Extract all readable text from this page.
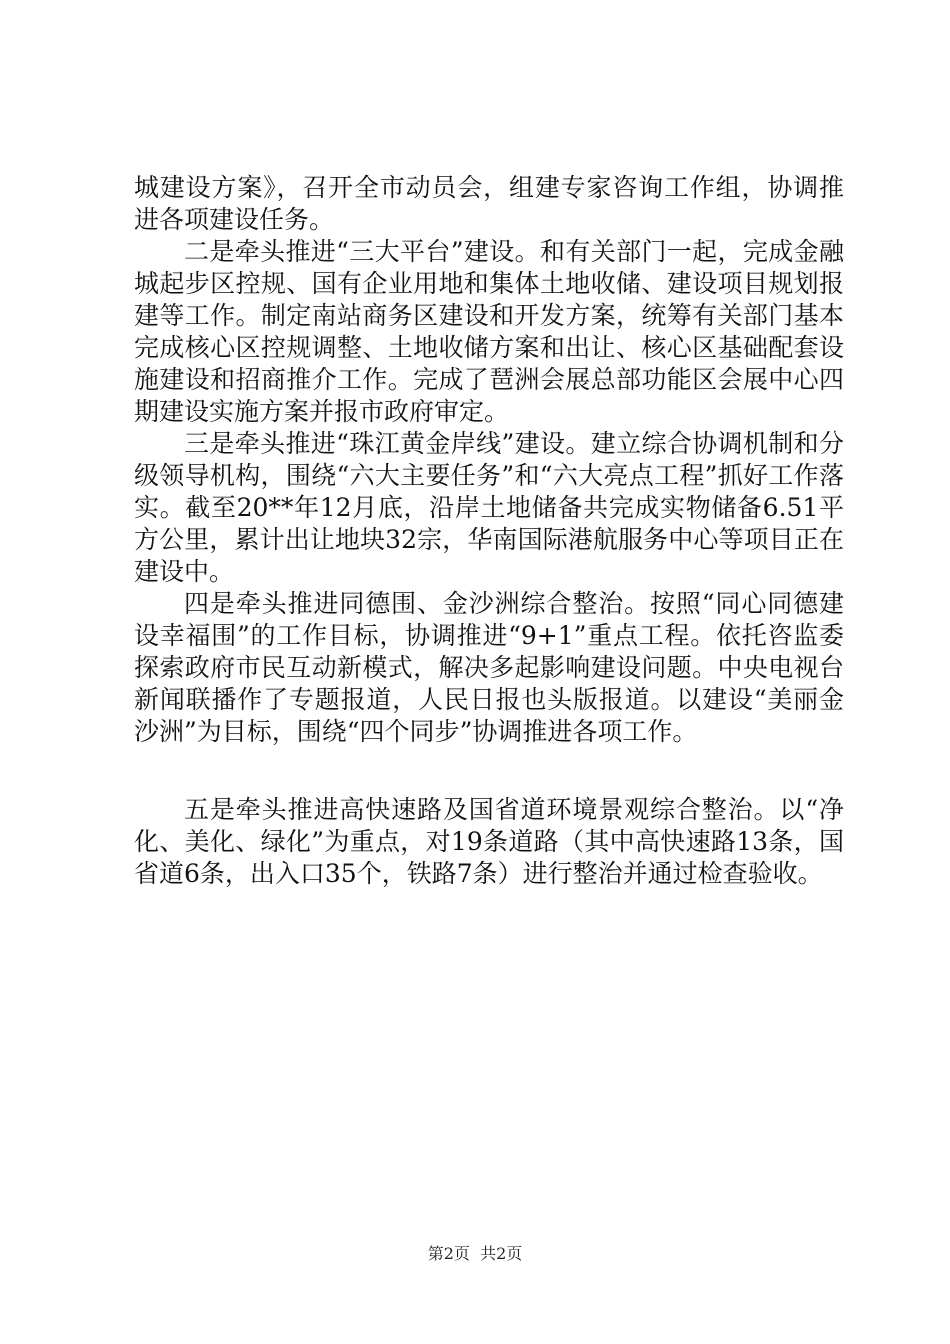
城建设方案》，召开全市动员会，组建专家咨询工作组，协调推进各项建设任务。

二是牵头推进“三大平台”建设。和有关部门一起，完成金融城起步区控规、国有企业用地和集体土地收储、建设项目规划报建等工作。制定南站商务区建设和开发方案，统筹有关部门基本完成核心区控规调整、土地收储方案和出让、核心区基础配套设施建设和招商推介工作。完成了琶洲会展总部功能区会展中心四期建设实施方案并报市政府审定。

三是牵头推进“珠江黄金岸线”建设。建立综合协调机制和分级领导机构，围绕“六大主要任务”和“六大亮点工程”抓好工作落实。截至20**年12月底，沿岸土地储备共完成实物储备6.51平方公里，累计出让地块32宗，华南国际港航服务中心等项目正在建设中。

四是牵头推进同德围、金沙洲综合整治。按照“同心同德建设幸福围”的工作目标，协调推进“9+1”重点工程。依托咨监委探索政府市民互动新模式，解决多起影响建设问题。中央电视台新闻联播作了专题报道，人民日报也头版报道。以建设“美丽金沙洲”为目标，围绕“四个同步”协调推进各项工作。

五是牵头推进高快速路及国省道环境景观综合整治。以“净化、美化、绿化”为重点，对19条道路（其中高快速路13条，国省道6条，出入口35个，铁路7条）进行整治并通过检查验收。

第2页 共2页
